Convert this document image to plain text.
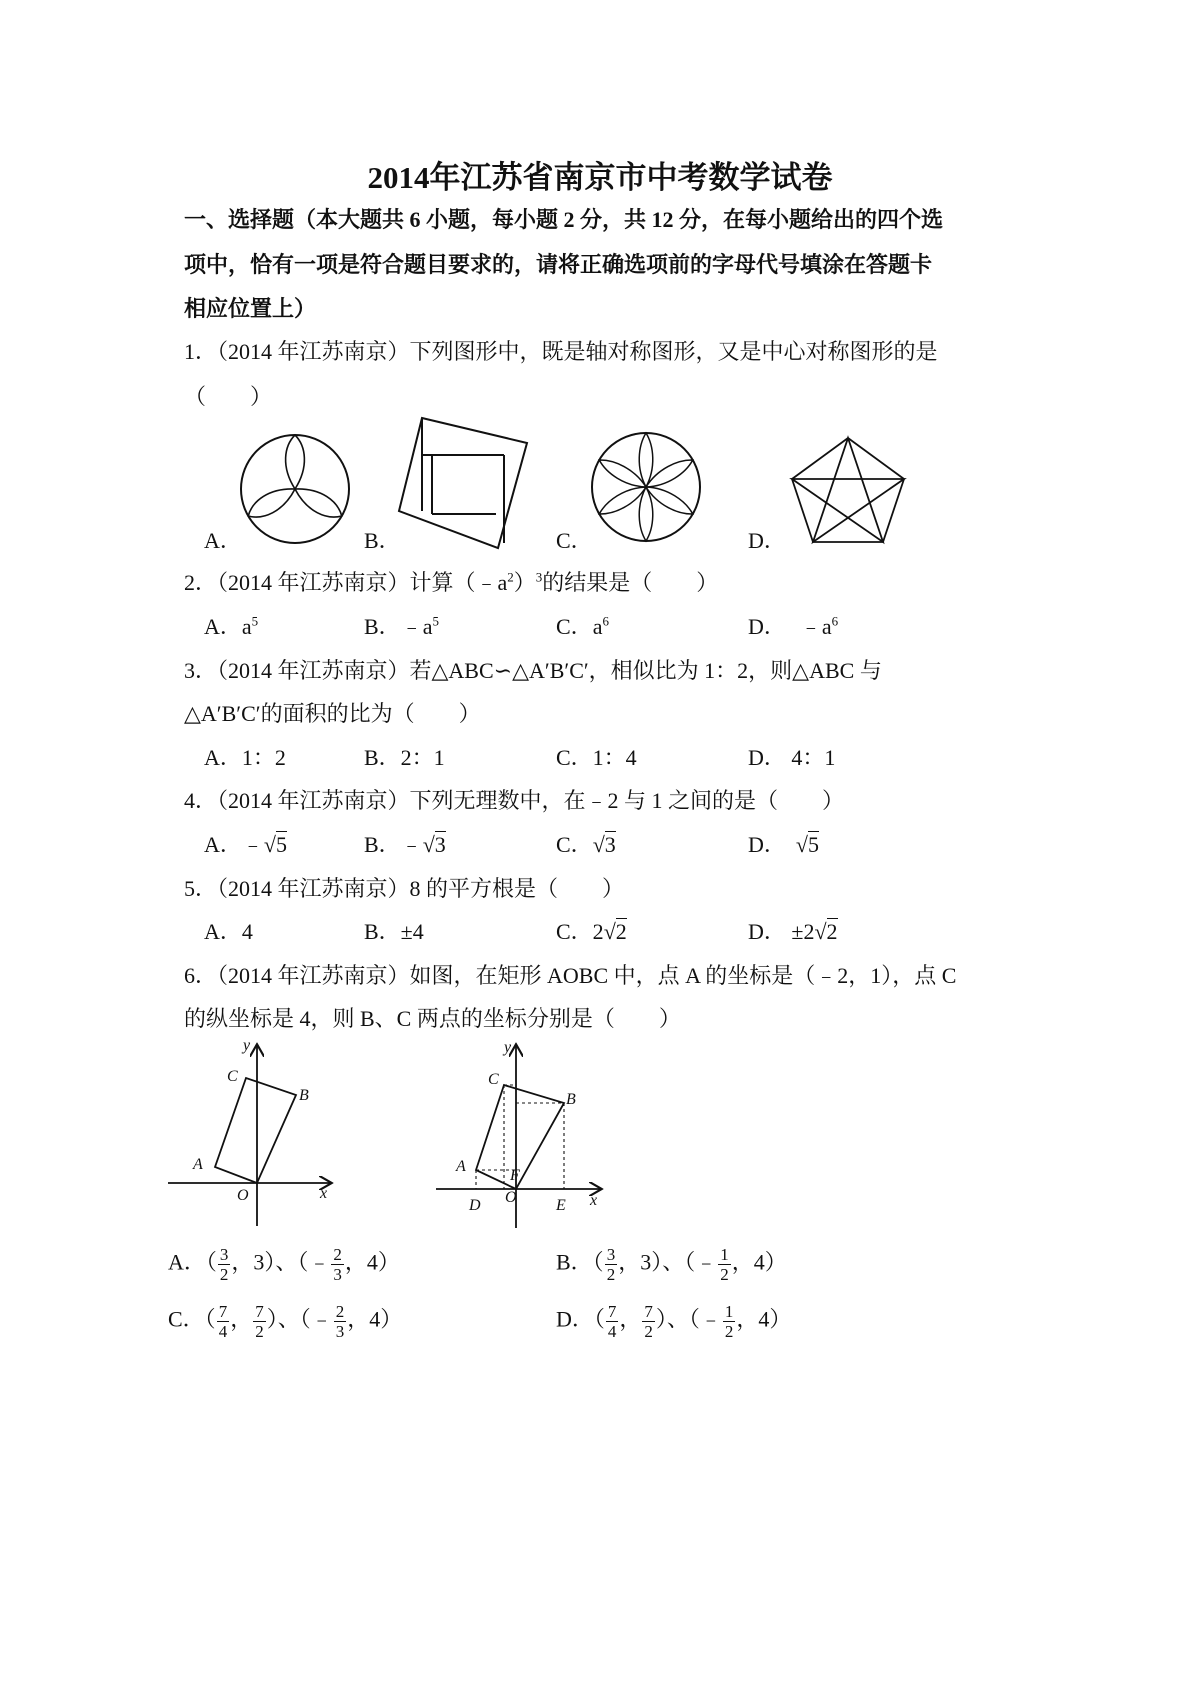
2014年江苏省南京市中考数学试卷
一、选择题（本大题共 6 小题，每小题 2 分，共 12 分，在每小题给出的四个选
项中，恰有一项是符合题目要求的，请将正确选项前的字母代号填涂在答题卡
相应位置上）
1．（2014 年江苏南京）下列图形中，既是轴对称图形，又是中心对称图形的是
（　　）
A．	B．	C．	D．
2．（2014 年江苏南京）计算$(﹣a^2)^3$的结果是（　　）
A．$a^5$	B．$﹣a^5$	C．$a^6$	D． $﹣a^6$
3．（2014 年江苏南京）若△ABC∽△A′B′C′，相似比为 1：2，则△ABC 与
△A′B′C′的面积的比为（　　）
A．1：2	B．2：1	C．1：4	D． 4：1
4．（2014 年江苏南京）下列无理数中，在﹣2 与 1 之间的是（　　）
A．﹣√5	B．﹣√3	C．√3	D． √5
5．（2014 年江苏南京）8 的平方根是（　　）
A．4	B．±4	C．2√2	D． ±2√2
6．（2014 年江苏南京）如图，在矩形 AOBC 中，点 A 的坐标是（﹣2，1），点 C
的纵坐标是 4，则 B、C 两点的坐标分别是（　　）
y
x
C
B
A
O
y
x
C
B
A
O
F
D	E
A．（ $\frac{3}{2}$ ，3）、（﹣ $\frac{2}{3}$ ，4）	B．（ $\frac{3}{2}$ ，3）、（﹣ $\frac{1}{2}$ ，4）
C．（ $\frac{7}{4}$ ， $\frac{7}{2}$ ）、（﹣ $\frac{2}{3}$ ，4）	D．（ $\frac{7}{4}$ ， $\frac{7}{2}$ ）、（﹣ $\frac{1}{2}$ ，4）
